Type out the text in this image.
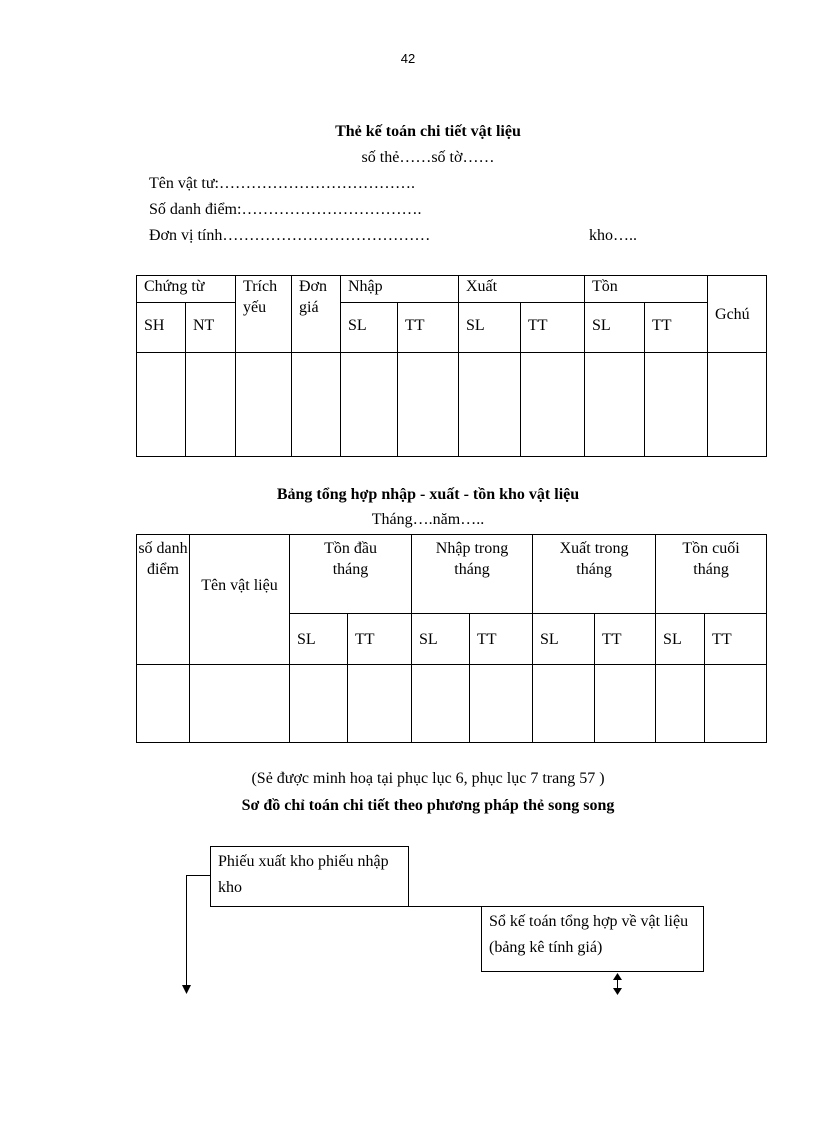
42
Thẻ kế toán chi tiết vật liệu
số thẻ……số tờ……
Tên vật tư:……………………………….
Số danh điểm:…………………………….
Đơn vị tính…………………………………	kho…..
Chứng từ		Trích yếu	Đơn giá	Nhập		Xuất		Tồn		Gchú
SH	NT			SL	TT	SL	TT	SL	TT	

Bảng tổng hợp nhập - xuất - tồn kho vật liệu
Tháng….năm…..
số danh điểm	Tên vật liệu	Tồn đầu tháng		Nhập trong tháng		Xuất trong tháng		Tồn cuối tháng	
		SL	TT	SL	TT	SL	TT	SL	TT

(Sẻ được minh hoạ tại phục lục 6, phục lục 7 trang 57 )
Sơ đồ chỉ toán chi tiết theo phương pháp thẻ song song
Phiếu xuất kho phiếu nhập kho
Sổ kế toán tổng hợp về vật liệu (bảng kê tính giá)
